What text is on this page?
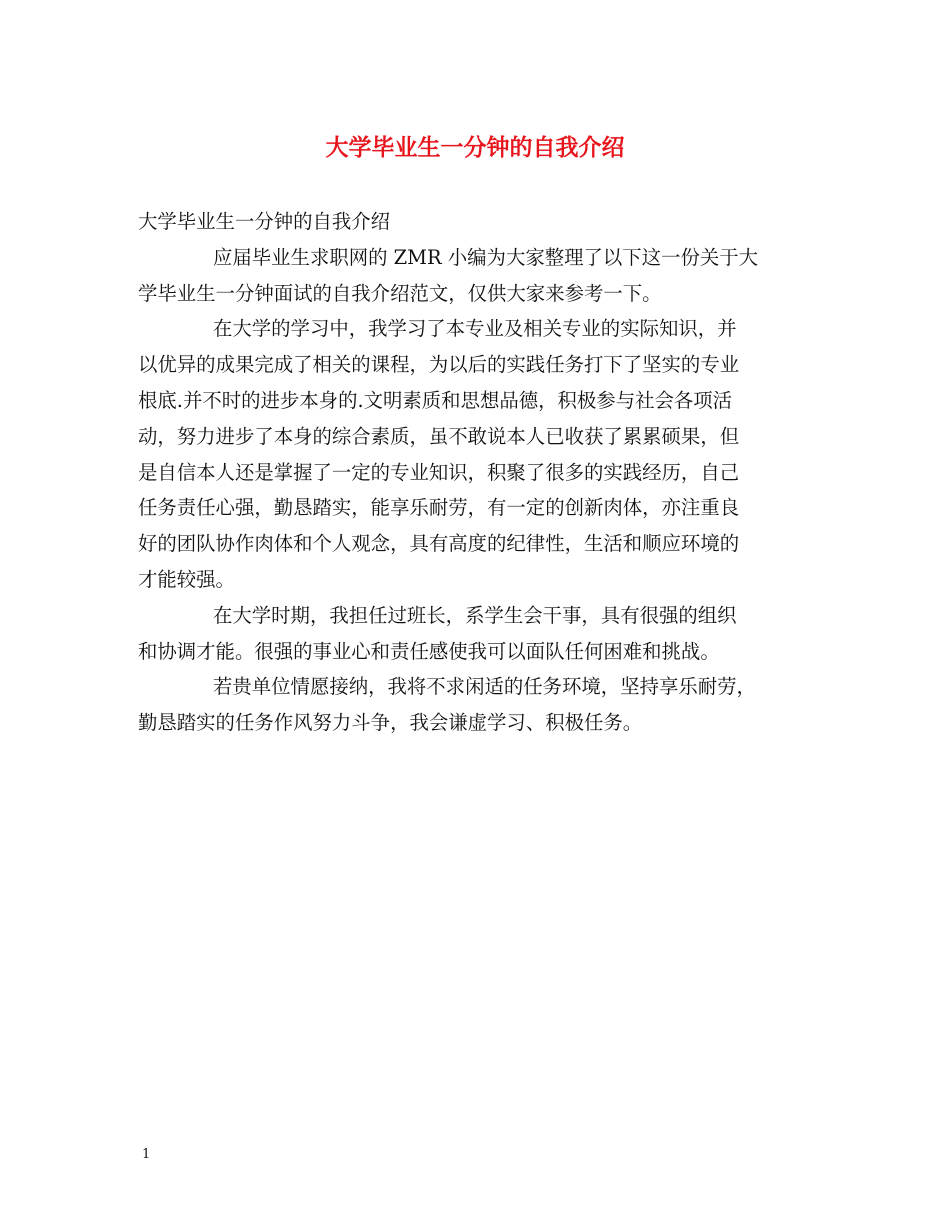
大学毕业生一分钟的自我介绍
大学毕业生一分钟的自我介绍
应届毕业生求职网的 ZMR 小编为大家整理了以下这一份关于大
学毕业生一分钟面试的自我介绍范文，仅供大家来参考一下。
在大学的学习中，我学习了本专业及相关专业的实际知识，并
以优异的成果完成了相关的课程，为以后的实践任务打下了坚实的专业
根底.并不时的进步本身的.文明素质和思想品德，积极参与社会各项活
动，努力进步了本身的综合素质，虽不敢说本人已收获了累累硕果，但
是自信本人还是掌握了一定的专业知识，积聚了很多的实践经历，自己
任务责任心强，勤恳踏实，能享乐耐劳，有一定的创新肉体，亦注重良
好的团队协作肉体和个人观念，具有高度的纪律性，生活和顺应环境的
才能较强。
在大学时期，我担任过班长，系学生会干事，具有很强的组织
和协调才能。很强的事业心和责任感使我可以面队任何困难和挑战。
若贵单位情愿接纳，我将不求闲适的任务环境，坚持享乐耐劳，
勤恳踏实的任务作风努力斗争，我会谦虚学习、积极任务。
1
